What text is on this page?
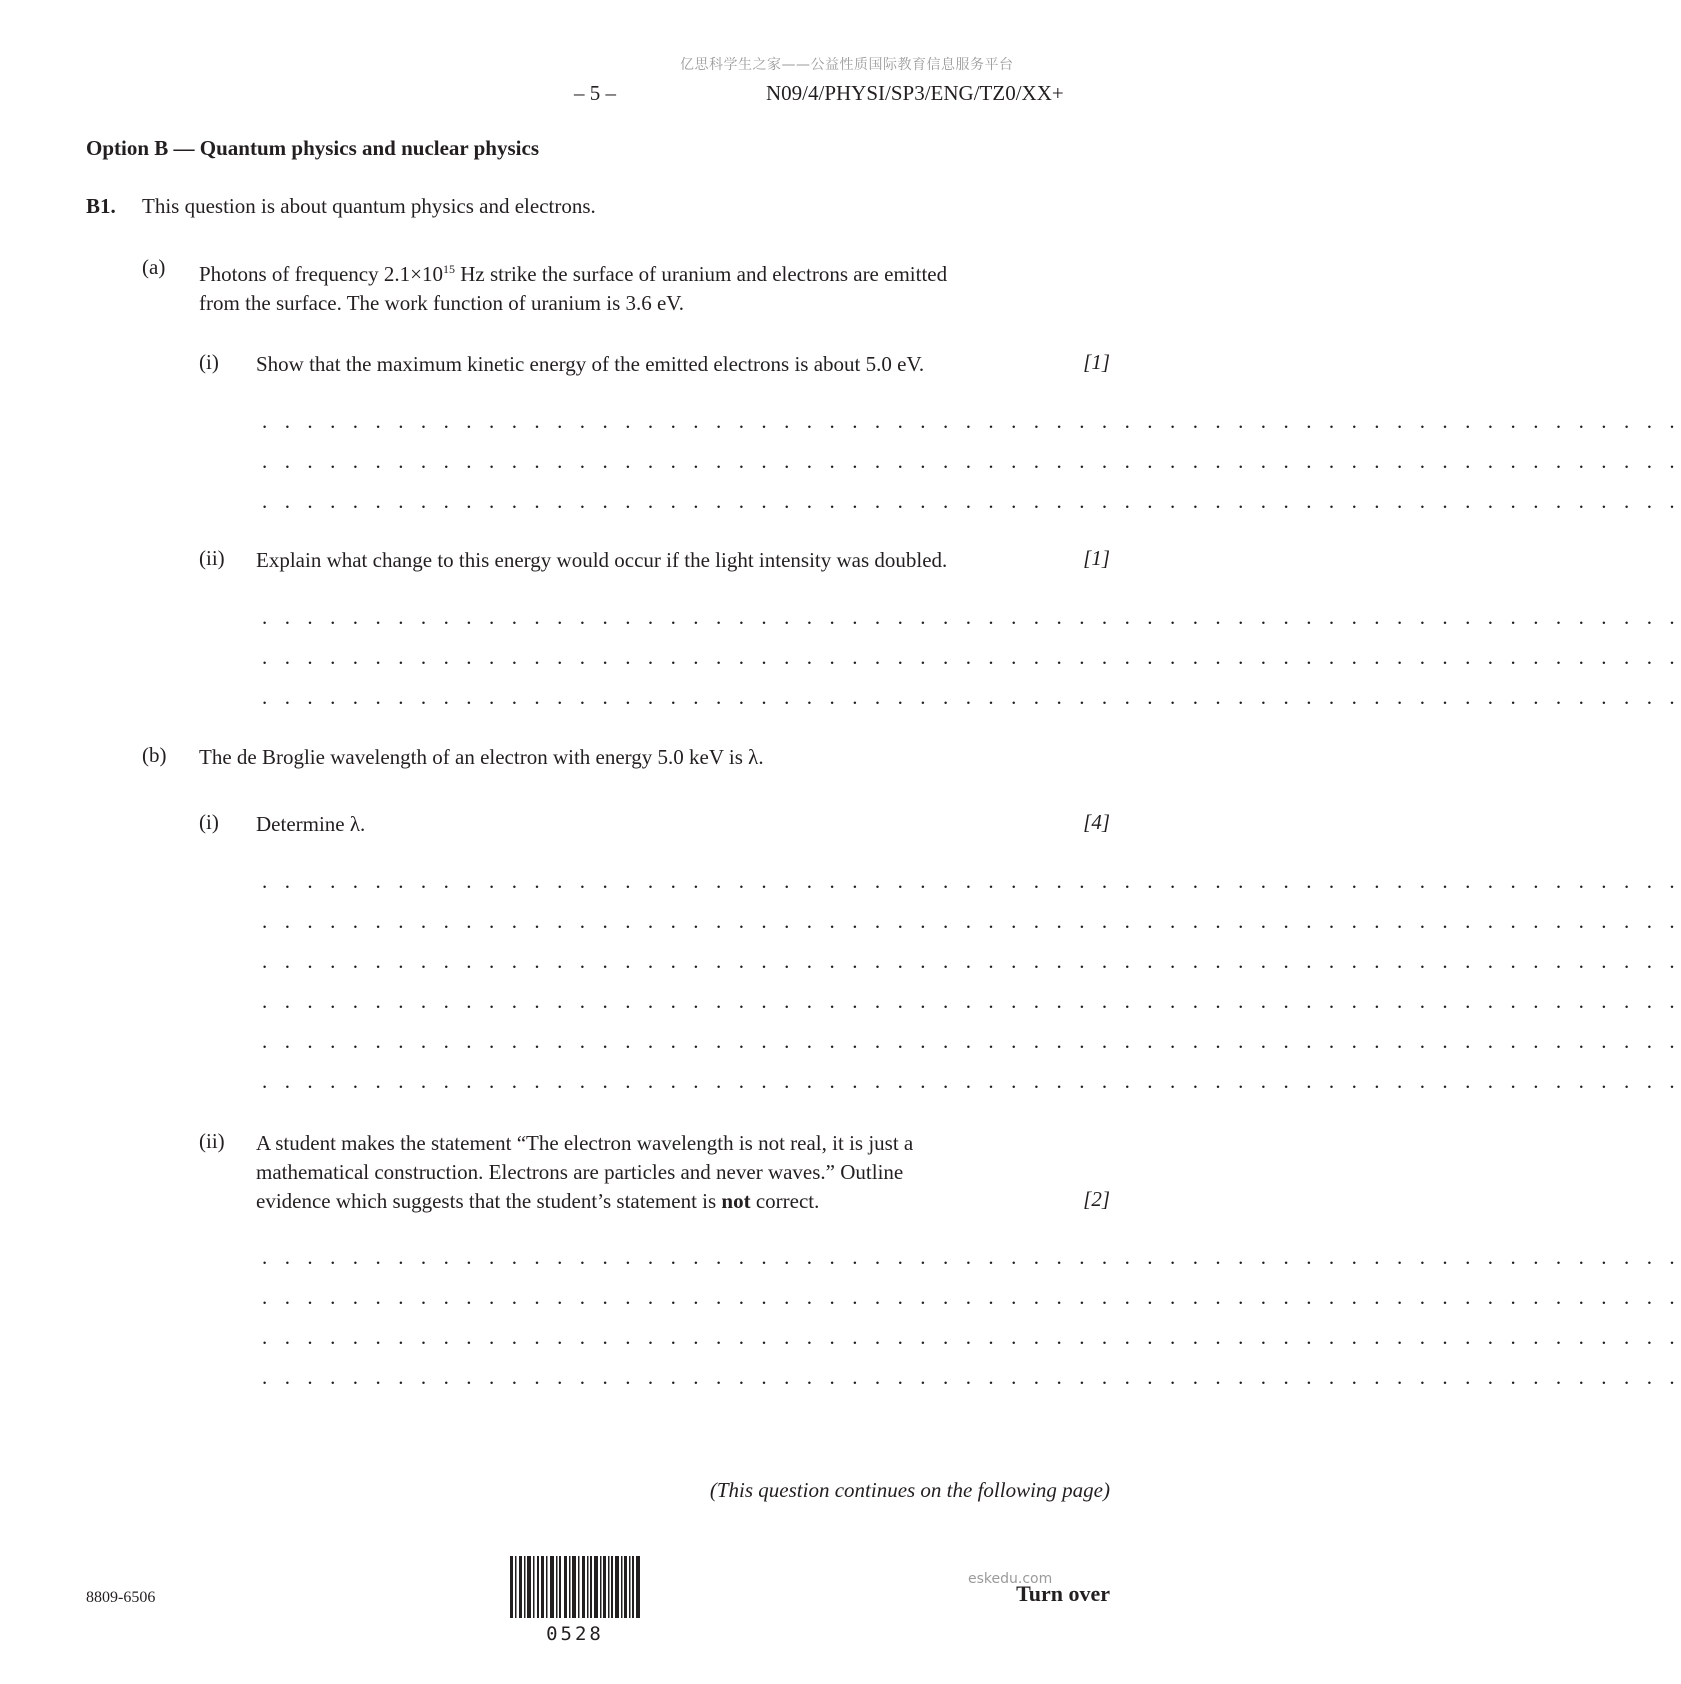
亿思科学生之家——公益性质国际教育信息服务平台
– 5 –	N09/4/PHYSI/SP3/ENG/TZ0/XX+
Option B — Quantum physics and nuclear physics
B1. This question is about quantum physics and electrons.
(a) Photons of frequency $2.1\times 10^{15}$ Hz strike the surface of uranium and electrons are emitted
from the surface. The work function of uranium is 3.6 eV.
(i) Show that the maximum kinetic energy of the emitted electrons is about 5.0 eV.	[1]
. . . . . . . . . . . . . . . . . . . . . . . . . . . . . . . . . . . . . . . . . . . . . . . . . . . . . . . . . . . . . . .
. . . . . . . . . . . . . . . . . . . . . . . . . . . . . . . . . . . . . . . . . . . . . . . . . . . . . . . . . . . . . . .
. . . . . . . . . . . . . . . . . . . . . . . . . . . . . . . . . . . . . . . . . . . . . . . . . . . . . . . . . . . . . . .
(ii) Explain what change to this energy would occur if the light intensity was doubled.	[1]
. . . . . . . . . . . . . . . . . . . . . . . . . . . . . . . . . . . . . . . . . . . . . . . . . . . . . . . . . . . . . . .
. . . . . . . . . . . . . . . . . . . . . . . . . . . . . . . . . . . . . . . . . . . . . . . . . . . . . . . . . . . . . . .
. . . . . . . . . . . . . . . . . . . . . . . . . . . . . . . . . . . . . . . . . . . . . . . . . . . . . . . . . . . . . . .
(b) The de Broglie wavelength of an electron with energy 5.0 keV is λ.
(i) Determine λ.	[4]
. . . . . . . . . . . . . . . . . . . . . . . . . . . . . . . . . . . . . . . . . . . . . . . . . . . . . . . . . . . . . . .
. . . . . . . . . . . . . . . . . . . . . . . . . . . . . . . . . . . . . . . . . . . . . . . . . . . . . . . . . . . . . . .
. . . . . . . . . . . . . . . . . . . . . . . . . . . . . . . . . . . . . . . . . . . . . . . . . . . . . . . . . . . . . . .
. . . . . . . . . . . . . . . . . . . . . . . . . . . . . . . . . . . . . . . . . . . . . . . . . . . . . . . . . . . . . . .
. . . . . . . . . . . . . . . . . . . . . . . . . . . . . . . . . . . . . . . . . . . . . . . . . . . . . . . . . . . . . . .
. . . . . . . . . . . . . . . . . . . . . . . . . . . . . . . . . . . . . . . . . . . . . . . . . . . . . . . . . . . . . . .
(ii) A student makes the statement “The electron wavelength is not real, it is just a
mathematical construction. Electrons are particles and never waves.” Outline
evidence which suggests that the student’s statement is not correct.	[2]
. . . . . . . . . . . . . . . . . . . . . . . . . . . . . . . . . . . . . . . . . . . . . . . . . . . . . . . . . . . . . . .
. . . . . . . . . . . . . . . . . . . . . . . . . . . . . . . . . . . . . . . . . . . . . . . . . . . . . . . . . . . . . . .
. . . . . . . . . . . . . . . . . . . . . . . . . . . . . . . . . . . . . . . . . . . . . . . . . . . . . . . . . . . . . . .
. . . . . . . . . . . . . . . . . . . . . . . . . . . . . . . . . . . . . . . . . . . . . . . . . . . . . . . . . . . . . . .
(This question continues on the following page)
8809-6506
0528
eskedu.com
Turn over
